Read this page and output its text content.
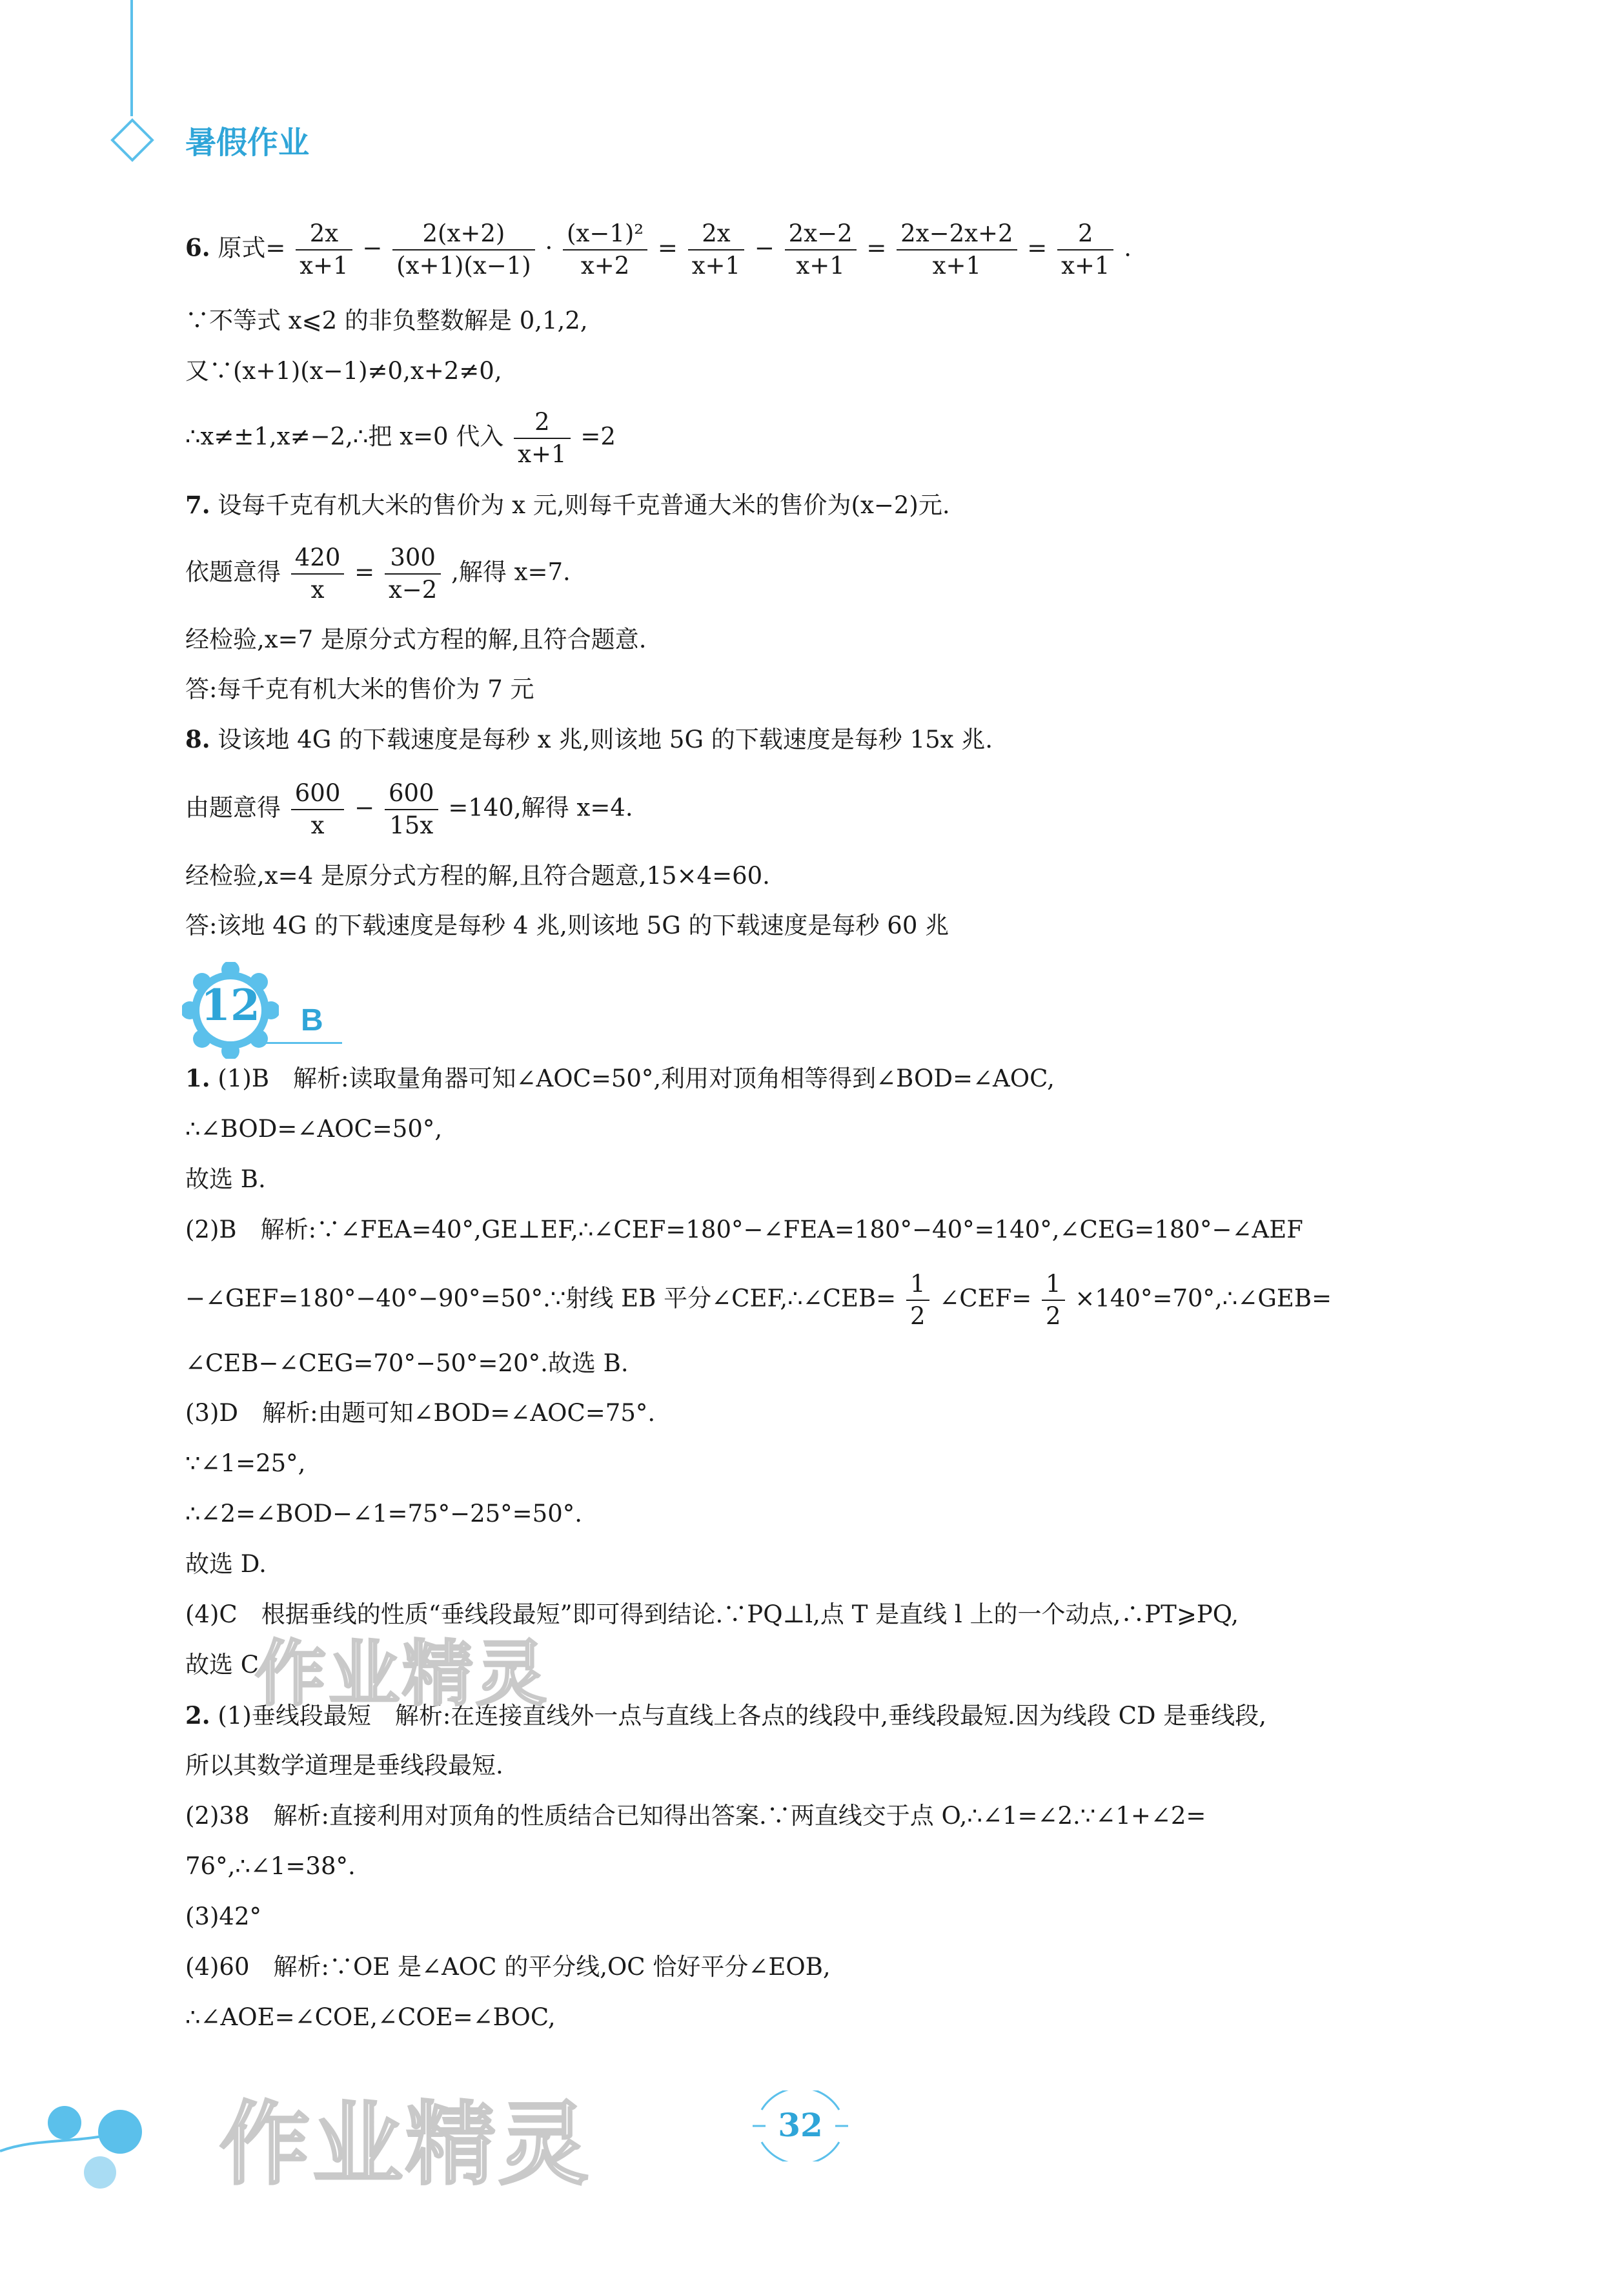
暑假作业
6. 原式= $\frac{2x}{x+1} - \frac{2(x+2)}{(x+1)(x-1)} \cdot \frac{\text{(x−1)²}}{x+2} = \frac{2x}{x+1} - \frac{2x-2}{x+1} = \frac{2x-2x+2}{x+1} = \frac{2}{x+1}$ .
∵不等式 x⩽2 的非负整数解是 0,1,2,
又∵(x+1)(x−1)≠0,x+2≠0,
∴x≠±1,x≠−2,∴把 x=0 代入 $\frac{2}{x+1} =2$
7. 设每千克有机大米的售价为 x 元,则每千克普通大米的售价为(x−2)元.
依题意得 $\frac{420}{x} = \frac{300}{x-2}$ ,解得 x=7.
经检验,x=7 是原分式方程的解,且符合题意.
答:每千克有机大米的售价为 7 元
8. 设该地 4G 的下载速度是每秒 x 兆,则该地 5G 的下载速度是每秒 15x 兆.
由题意得 $\frac{600}{x} - \frac{600}{15x} =140$,解得 x=4.
经检验,x=4 是原分式方程的解,且符合题意,15×4=60.
答:该地 4G 的下载速度是每秒 4 兆,则该地 5G 的下载速度是每秒 60 兆
12	B
1. (1)B　解析:读取量角器可知∠AOC=50°,利用对顶角相等得到∠BOD=∠AOC,
∴∠BOD=∠AOC=50°,
故选 B.
(2)B　解析:∵∠FEA=40°,GE⊥EF,∴∠CEF=180°−∠FEA=180°−40°=140°,∠CEG=180°−∠AEF
−∠GEF=180°−40°−90°=50°.∵射线 EB 平分∠CEF,∴∠CEB= $\frac{1}{2}$ ∠CEF= $\frac{1}{2}$ ×140°=70°,∴∠GEB=
∠CEB−∠CEG=70°−50°=20°.故选 B.
(3)D　解析:由题可知∠BOD=∠AOC=75°.
∵∠1=25°,
∴∠2=∠BOD−∠1=75°−25°=50°.
故选 D.
(4)C　根据垂线的性质“垂线段最短”即可得到结论.∵PQ⊥l,点 T 是直线 l 上的一个动点,∴PT⩾PQ,
故选 C.
2. (1)垂线段最短　解析:在连接直线外一点与直线上各点的线段中,垂线段最短.因为线段 CD 是垂线段,
所以其数学道理是垂线段最短.
(2)38　解析:直接利用对顶角的性质结合已知得出答案.∵两直线交于点 O,∴∠1=∠2.∵∠1+∠2=
76°,∴∠1=38°.
(3)42°
(4)60　解析:∵OE 是∠AOC 的平分线,OC 恰好平分∠EOB,
∴∠AOE=∠COE,∠COE=∠BOC,
作业精灵
作业精灵	32
